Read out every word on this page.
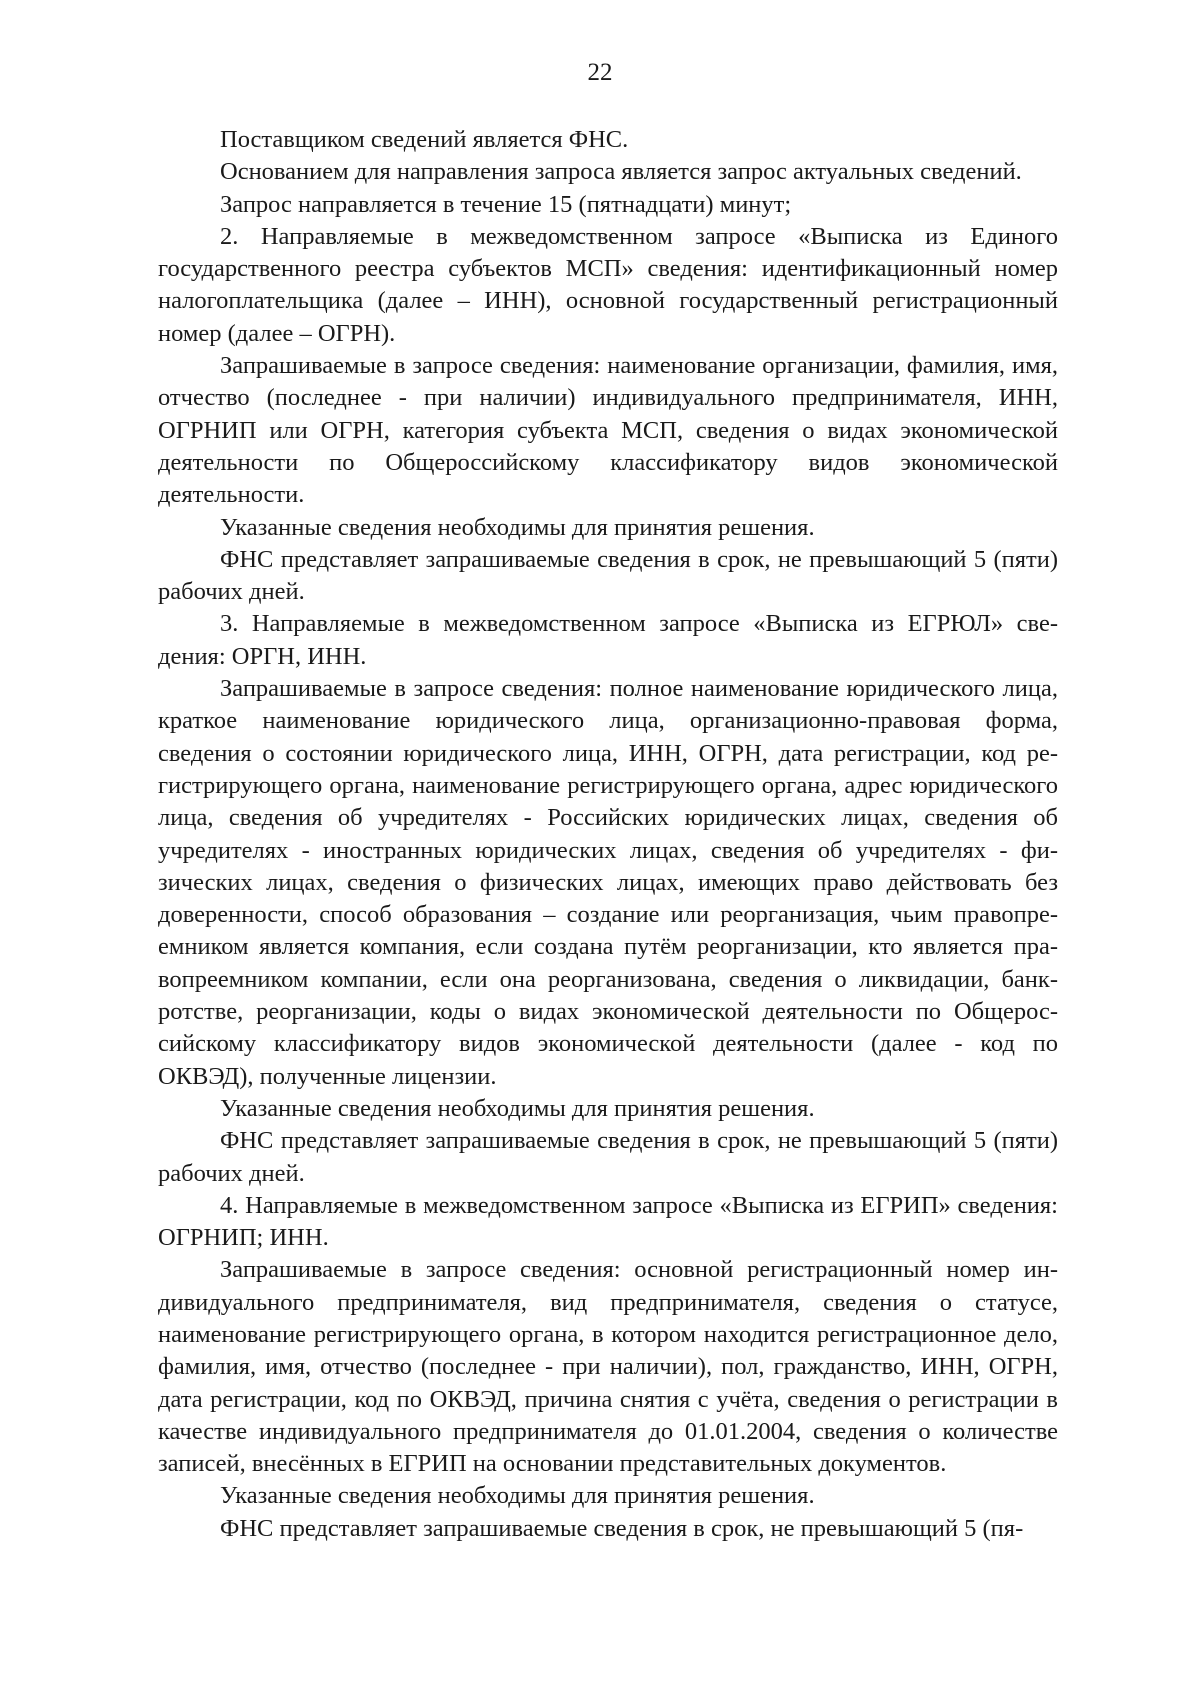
22

Поставщиком сведений является ФНС.

Основанием для направления запроса является запрос актуальных сведений.

Запрос направляется в течение 15 (пятнадцати) минут;

2. Направляемые в межведомственном запросе «Выписка из Единого государственного реестра субъектов МСП» сведения: идентификационный номер налогоплательщика (далее – ИНН), основной государственный регистрационный номер (далее – ОГРН).

Запрашиваемые в запросе сведения: наименование организации, фамилия, имя, отчество (последнее - при наличии) индивидуального предпринимателя, ИНН, ОГРНИП или ОГРН, категория субъекта МСП, сведения о видах экономической деятельности по Общероссийскому классификатору видов экономической деятельности.

Указанные сведения необходимы для принятия решения.

ФНС представляет запрашиваемые сведения в срок, не превышающий 5 (пяти) рабочих дней.

3. Направляемые в межведомственном запросе «Выписка из ЕГРЮЛ» сведения: ОРГН, ИНН.

Запрашиваемые в запросе сведения: полное наименование юридического лица, краткое наименование юридического лица, организационно-правовая форма, сведения о состоянии юридического лица, ИНН, ОГРН, дата регистрации, код регистрирующего органа, наименование регистрирующего органа, адрес юридического лица, сведения об учредителях - Российских юридических лицах, сведения об учредителях - иностранных юридических лицах, сведения об учредителях - физических лицах, сведения о физических лицах, имеющих право действовать без доверенности, способ образования – создание или реорганизация, чьим правопреемником является компания, если создана путём реорганизации, кто является правопреемником компании, если она реорганизована, сведения о ликвидации, банкротстве, реорганизации, коды о видах экономической деятельности по Общероссийскому классификатору видов экономической деятельности (далее - код по ОКВЭД), полученные лицензии.

Указанные сведения необходимы для принятия решения.

ФНС представляет запрашиваемые сведения в срок, не превышающий 5 (пяти) рабочих дней.

4. Направляемые в межведомственном запросе «Выписка из ЕГРИП» сведения: ОГРНИП; ИНН.

Запрашиваемые в запросе сведения: основной регистрационный номер индивидуального предпринимателя, вид предпринимателя, сведения о статусе, наименование регистрирующего органа, в котором находится регистрационное дело, фамилия, имя, отчество (последнее - при наличии), пол, гражданство, ИНН, ОГРН, дата регистрации, код по ОКВЭД, причина снятия с учёта, сведения о регистрации в качестве индивидуального предпринимателя до 01.01.2004, сведения о количестве записей, внесённых в ЕГРИП на основании представительных документов.

Указанные сведения необходимы для принятия решения.

ФНС представляет запрашиваемые сведения в срок, не превышающий 5 (пя-
